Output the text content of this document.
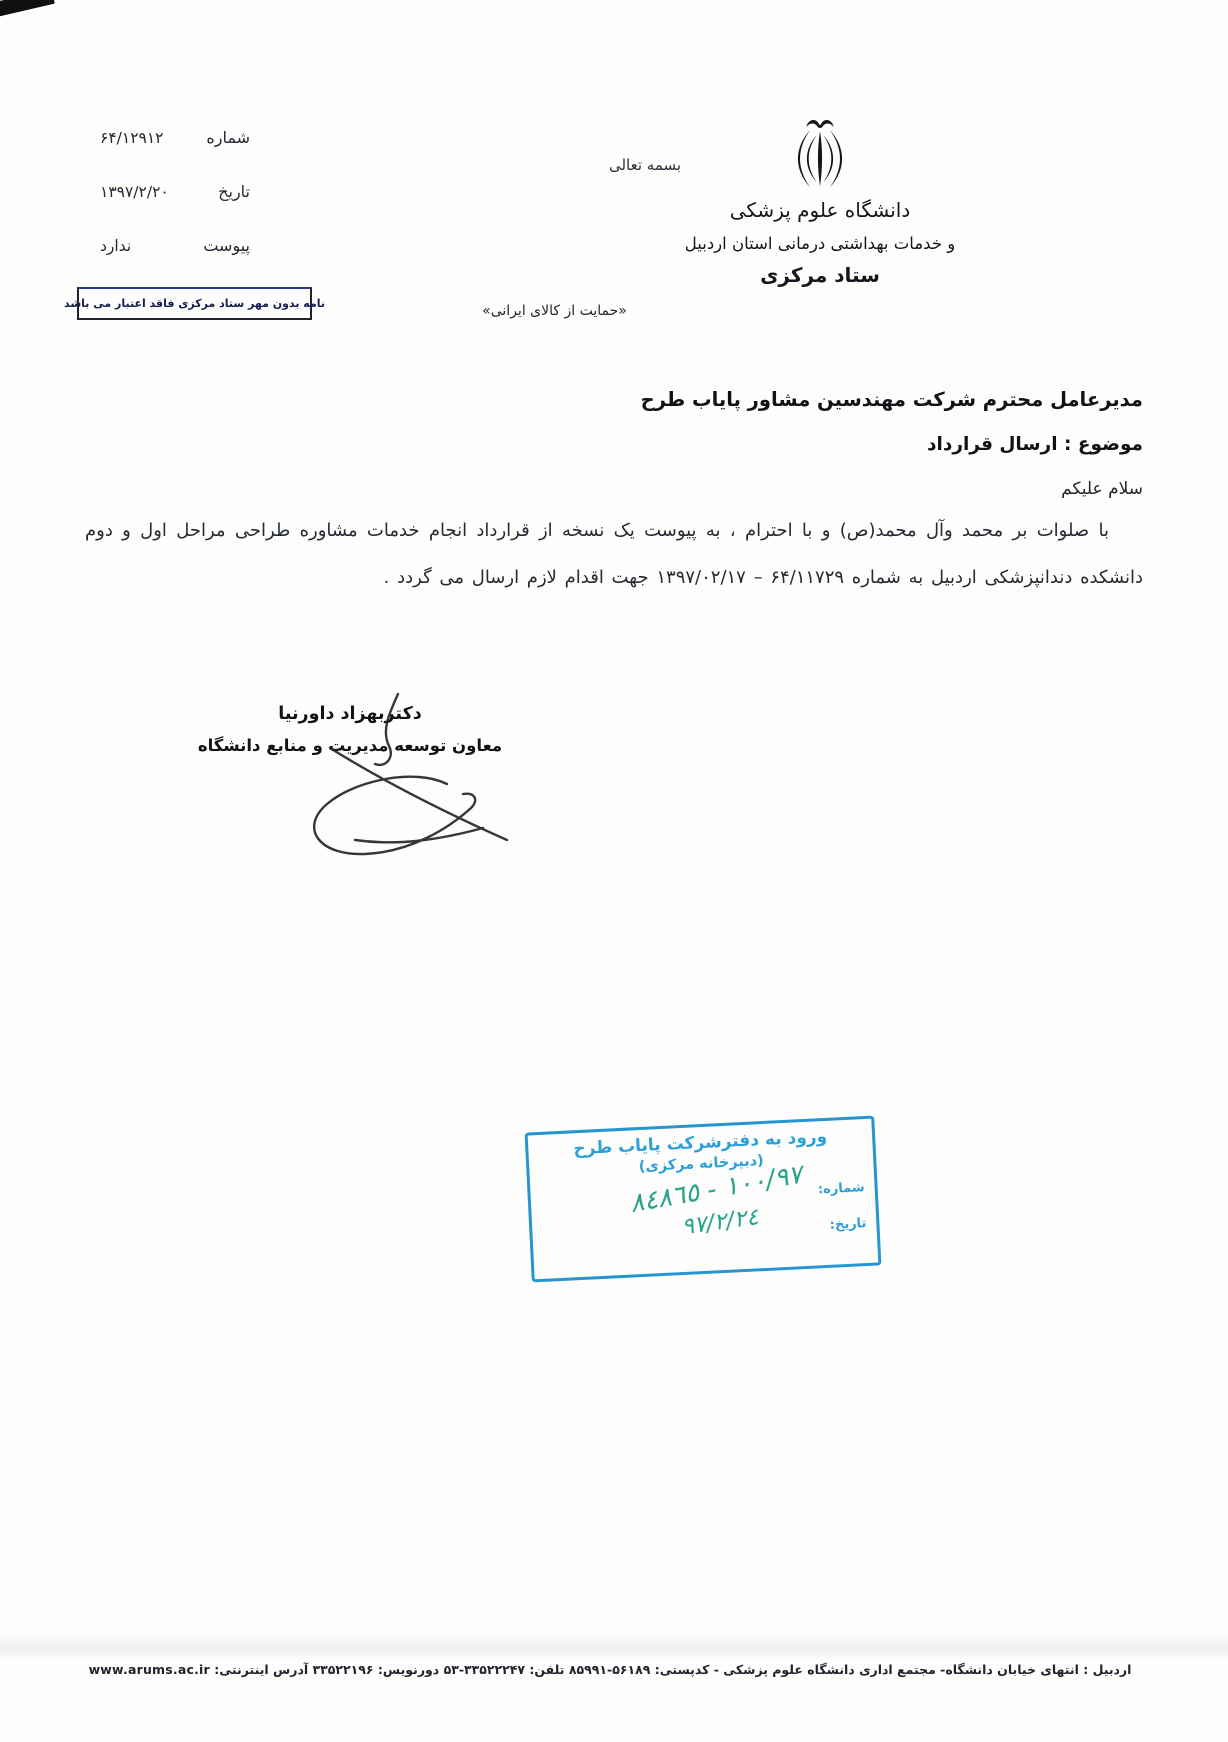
شماره
۶۴/۱۲۹۱۲
تاریخ
۱۳۹۷/۲/۲۰
پیوست
ندارد
نامه بدون مهر ستاد مرکزی فاقد اعتبار می باشد
بسمه تعالی
دانشگاه علوم پزشکی
و خدمات بهداشتی درمانی استان اردبیل
ستاد مرکزی
«حمایت از کالای ایرانی»
مدیرعامل محترم شرکت مهندسین مشاور پایاب طرح
موضوع : ارسال قرارداد
سلام علیکم
با صلوات بر محمد وآل محمد(ص) و با احترام ، به پیوست یک نسخه از قرارداد انجام خدمات مشاوره طراحی مراحل اول و دوم دانشکده دندانپزشکی اردبیل به شماره ۶۴/۱۱۷۲۹ – ۱۳۹۷/۰۲/۱۷ جهت اقدام لازم ارسال می گردد .
دکتربهزاد داورنیا
معاون توسعه مدیریت و منابع دانشگاه
ورود به دفترشرکت پایاب طرح
(دبیرخانه مرکزی)
شماره:
١٠٠/٩٧ - ٨٤٨٦٥
تاریخ:
٩٧/٢/٢٤
اردبیل : انتهای خیابان دانشگاه- مجتمع اداری دانشگاه علوم پزشکی - کدپستی: ۵۶۱۸۹-۸۵۹۹۱ تلفن: ۳۳۵۲۲۲۴۷-۵۳ دورنویس: ۳۳۵۲۲۱۹۶ آدرس اینترنتی: www.arums.ac.ir
